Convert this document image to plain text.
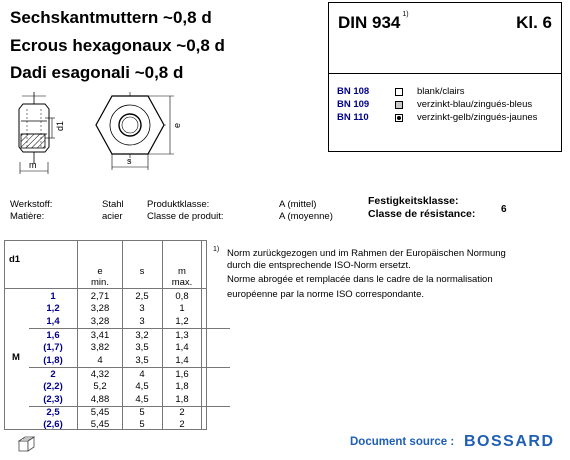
Sechskantmuttern ~0,8 d
Ecrous hexagonaux ~0,8 d
Dadi esagonali ~0,8 d
DIN 934 $^{1)}$	Kl. 6
BN 108	blank/clairs
BN 109	verzinkt-blau/zingués-bleus
BN 110	verzinkt-gelb/zingués-jaunes
d1
m	s
e
Werkstoff:	Stahl
Matière:	acier
Produktklasse:	A (mittel)
Classe de produit:	A (moyenne)
Festigkeitsklasse:
Classe de résistance:	6
d1
e
min.
s	m
max.
M
1	2,71	2,5	0,8
1,2	3,28	3	1
1,4	3,28	3	1,2
1,6	3,41	3,2	1,3
(1,7)	3,82	3,5	1,4
(1,8)	4	3,5	1,4
2	4,32	4	1,6
(2,2)	5,2	4,5	1,8
(2,3)	4,88	4,5	1,8
2,5	5,45	5	2
(2,6)	5,45	5	2
1) Norm zurückgezogen und im Rahmen der Europäischen Normung
durch die entsprechende ISO-Norm ersetzt.
Norme abrogée et remplacée dans le cadre de la normalisation
européenne par la norme ISO correspondante.
Document source : BOSSARD
